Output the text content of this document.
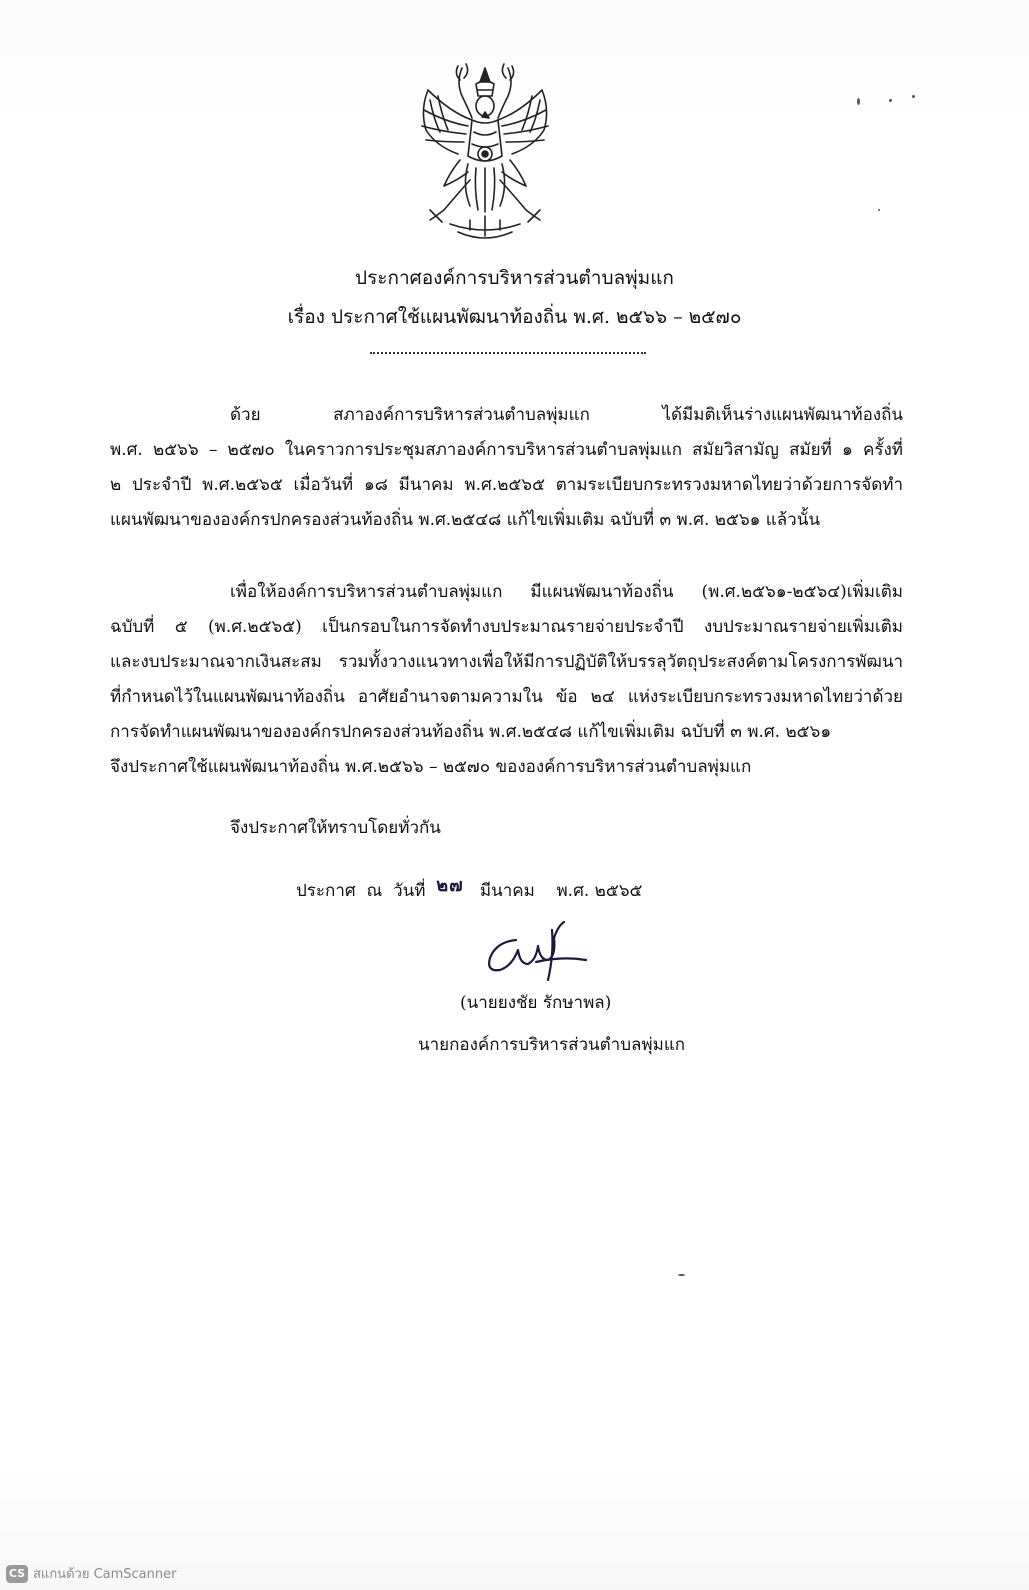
ประกาศองค์การบริหารส่วนตำบลพุ่มแก
เรื่อง ประกาศใช้แผนพัฒนาท้องถิ่น พ.ศ. ๒๕๖๖ – ๒๕๗๐
ด้วย สภาองค์การบริหารส่วนตำบลพุ่มแก ได้มีมติเห็นร่างแผนพัฒนาท้องถิ่น
พ.ศ. ๒๕๖๖ – ๒๕๗๐ ในคราวการประชุมสภาองค์การบริหารส่วนตำบลพุ่มแก สมัยวิสามัญ สมัยที่ ๑ ครั้งที่
๒ ประจำปี พ.ศ.๒๕๖๕ เมื่อวันที่ ๑๘ มีนาคม พ.ศ.๒๕๖๕ ตามระเบียบกระทรวงมหาดไทยว่าด้วยการจัดทำ
แผนพัฒนาขององค์กรปกครองส่วนท้องถิ่น พ.ศ.๒๕๔๘ แก้ไขเพิ่มเติม ฉบับที่ ๓ พ.ศ. ๒๕๖๑ แล้วนั้น
เพื่อให้องค์การบริหารส่วนตำบลพุ่มแก มีแผนพัฒนาท้องถิ่น (พ.ศ.๒๕๖๑-๒๕๖๔)เพิ่มเติม
ฉบับที่ ๕ (พ.ศ.๒๕๖๕) เป็นกรอบในการจัดทำงบประมาณรายจ่ายประจำปี งบประมาณรายจ่ายเพิ่มเติม
และงบประมาณจากเงินสะสม รวมทั้งวางแนวทางเพื่อให้มีการปฏิบัติให้บรรลุวัตถุประสงค์ตามโครงการพัฒนา
ที่กำหนดไว้ในแผนพัฒนาท้องถิ่น อาศัยอำนาจตามความใน ข้อ ๒๔ แห่งระเบียบกระทรวงมหาดไทยว่าด้วย
การจัดทำแผนพัฒนาขององค์กรปกครองส่วนท้องถิ่น พ.ศ.๒๕๔๘ แก้ไขเพิ่มเติม ฉบับที่ ๓ พ.ศ. ๒๕๖๑
จึงประกาศใช้แผนพัฒนาท้องถิ่น พ.ศ.๒๕๖๖ – ๒๕๗๐ ขององค์การบริหารส่วนตำบลพุ่มแก
จึงประกาศให้ทราบโดยทั่วกัน
ประกาศ  ณ  วันที่ ๒๗ มีนาคม พ.ศ. ๒๕๖๕
(นายยงชัย รักษาพล)
นายกองค์การบริหารส่วนตำบลพุ่มแก
CS สแกนด้วย CamScanner
